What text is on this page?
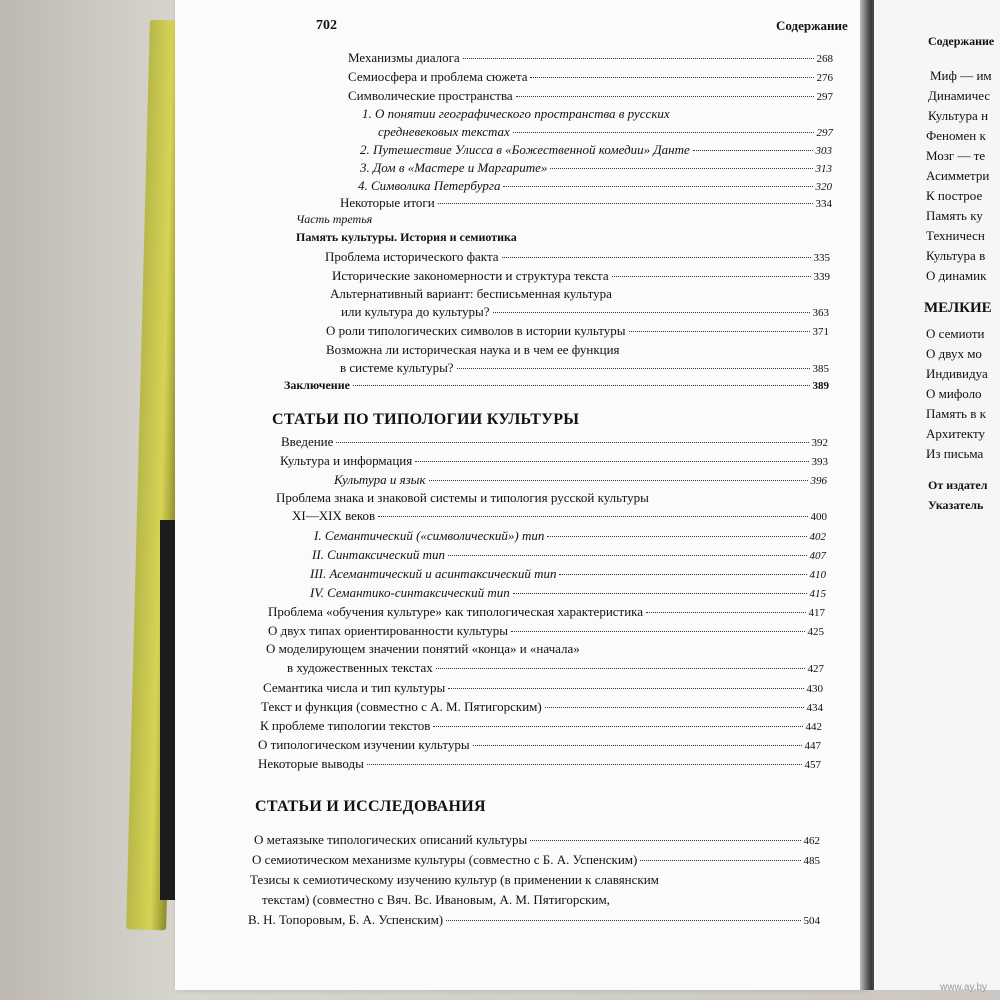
702	Содержание
Механизмы диалога	268
Семиосфера и проблема сюжета	276
Символические пространства	297
1. О понятии географического пространства в русских
средневековых текстах	297
2. Путешествие Улисса в «Божественной комедии» Данте	303
3. Дом в «Мастере и Маргарите»	313
4. Символика Петербурга	320
Некоторые итоги	334
Часть третья
Память культуры. История и семиотика
Проблема исторического факта	335
Исторические закономерности и структура текста	339
Альтернативный вариант: бесписьменная культура
или культура до культуры?	363
О роли типологических символов в истории культуры	371
Возможна ли историческая наука и в чем ее функция
в системе культуры?	385
Заключение	389
СТАТЬИ ПО ТИПОЛОГИИ КУЛЬТУРЫ
Введение	392
Культура и информация	393
Культура и язык	396
Проблема знака и знаковой системы и типология русской культуры
XI—XIX веков	400
I. Семантический («символический») тип	402
II. Синтаксический тип	407
III. Асемантический и асинтаксический тип	410
IV. Семантико-синтаксический тип	415
Проблема «обучения культуре» как типологическая характеристика	417
О двух типах ориентированности культуры	425
О моделирующем значении понятий «конца» и «начала»
в художественных текстах	427
Семантика числа и тип культуры	430
Текст и функция (совместно с А. М. Пятигорским)	434
К проблеме типологии текстов	442
О типологическом изучении культуры	447
Некоторые выводы	457
СТАТЬИ И ИССЛЕДОВАНИЯ
О метаязыке типологических описаний культуры	462
О семиотическом механизме культуры (совместно с Б. А. Успенским)	485
Тезисы к семиотическому изучению культур (в применении к славянским
текстам) (совместно с Вяч. Вс. Ивановым, А. М. Пятигорским,
В. Н. Топоровым, Б. А. Успенским)	504
Содержание
Миф — им
Динамичес
Культура н
Феномен к
Мозг — те
Асимметри
К построе
Память ку
Техничесн
Культура в
О динамик
МЕЛКИЕ
О семиоти
О двух мо
Индивидуа
О мифоло
Память в к
Архитекту
Из письма
От издател
Указатель
www.ay.by
